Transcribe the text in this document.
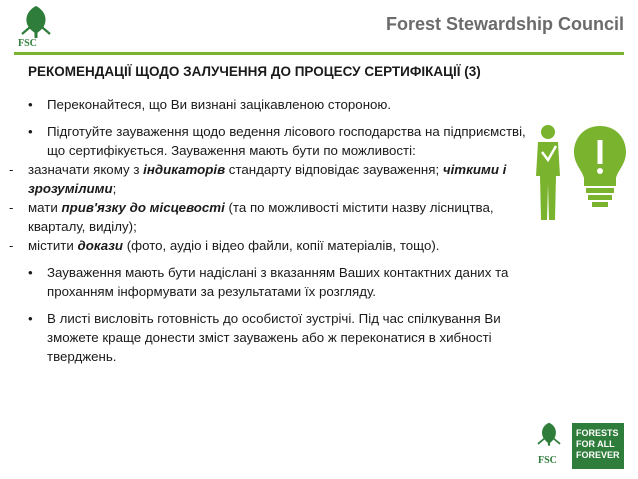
FSC
Forest Stewardship Council
РЕКОМЕНДАЦІЇ ЩОДО ЗАЛУЧЕННЯ ДО ПРОЦЕСУ СЕРТИФІКАЦІЇ (3)
• Переконайтеся, що Ви визнані зацікавленою стороною.
• Підготуйте зауваження щодо ведення лісового господарства на підприємстві, що сертифікується. Зауваження мають бути по можливості:
- зазначати якому з індикаторів стандарту відповідає зауваження; чіткими і зрозумілими;
- мати прив'язку до місцевості (та по можливості містити назву лісництва, кварталу, виділу);
- містити докази (фото, аудіо і відео файли, копії матеріалів, тощо).
• Зауваження мають бути надіслані з вказанням Ваших контактних даних та проханням інформувати за результатами їх розгляду.
• В листі висловіть готовність до особистої зустрічі. Під час спілкування Ви зможете краще донести зміст зауважень або ж переконатися в хибності тверджень.
FSC
FORESTS
FOR ALL
FOREVER
